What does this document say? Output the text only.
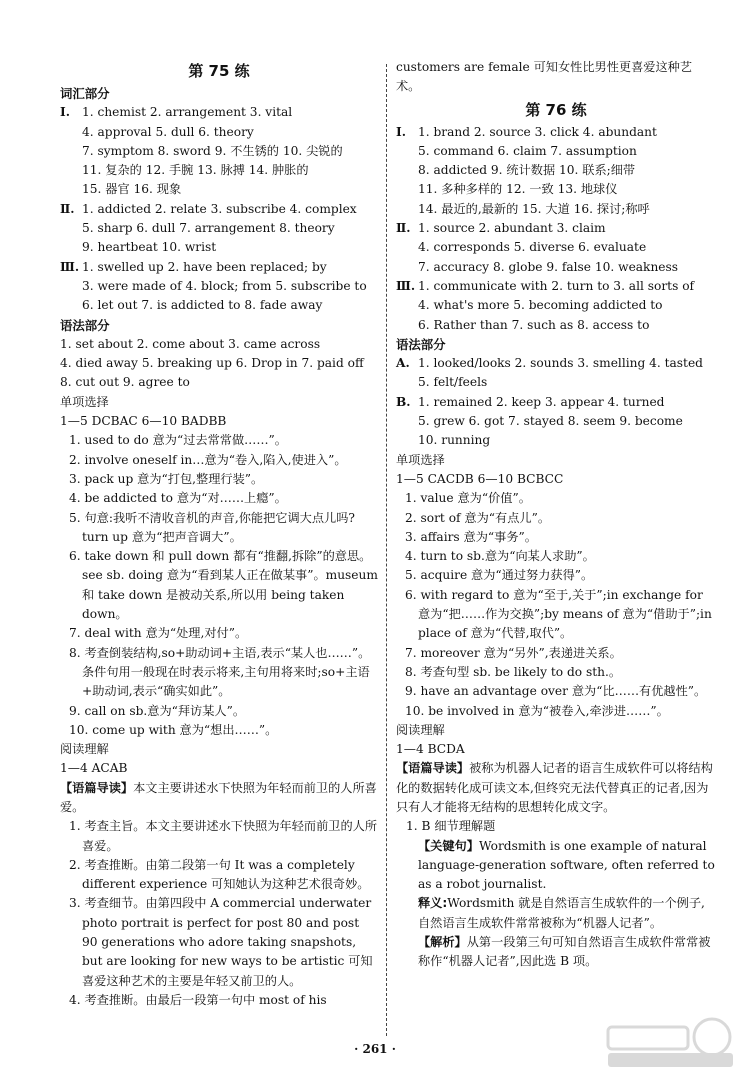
第 75 练
词汇部分
Ⅰ. 1. chemist 2. arrangement 3. vital
4. approval 5. dull 6. theory
7. symptom 8. sword 9. 不生锈的 10. 尖锐的
11. 复杂的 12. 手腕 13. 脉搏 14. 肿胀的
15. 器官 16. 现象
Ⅱ. 1. addicted 2. relate 3. subscribe 4. complex
5. sharp 6. dull 7. arrangement 8. theory
9. heartbeat 10. wrist
Ⅲ. 1. swelled up 2. have been replaced; by
3. were made of 4. block; from 5. subscribe to
6. let out 7. is addicted to 8. fade away
语法部分
1. set about 2. come about 3. came across
4. died away 5. breaking up 6. Drop in 7. paid off
8. cut out 9. agree to
单项选择
1—5 DCBAC 6—10 BADBB
1. used to do 意为“过去常常做……”。
2. involve oneself in…意为“卷入,陷入,使进入”。
3. pack up 意为“打包,整理行装”。
4. be addicted to 意为“对……上瘾”。
5. 句意:我听不清收音机的声音,你能把它调大点儿吗? turn up 意为“把声音调大”。
6. take down 和 pull down 都有“推翻,拆除”的意思。see sb. doing 意为“看到某人正在做某事”。museum 和 take down 是被动关系,所以用 being taken down。
7. deal with 意为“处理,对付”。
8. 考查倒装结构,so+助动词+主语,表示“某人也……”。条件句用一般现在时表示将来,主句用将来时;so+主语+助动词,表示“确实如此”。
9. call on sb.意为“拜访某人”。
10. come up with 意为“想出……”。
阅读理解
1—4 ACAB
【语篇导读】本文主要讲述水下快照为年轻而前卫的人所喜爱。
1. 考查主旨。本文主要讲述水下快照为年轻而前卫的人所喜爱。
2. 考查推断。由第二段第一句 It was a completely different experience 可知她认为这种艺术很奇妙。
3. 考查细节。由第四段中 A commercial underwater photo portrait is perfect for post 80 and post 90 generations who adore taking snapshots, but are looking for new ways to be artistic 可知喜爱这种艺术的主要是年轻又前卫的人。
4. 考查推断。由最后一段第一句中 most of his
customers are female 可知女性比男性更喜爱这种艺术。
第 76 练
Ⅰ. 1. brand 2. source 3. click 4. abundant
5. command 6. claim 7. assumption
8. addicted 9. 统计数据 10. 联系;细带
11. 多种多样的 12. 一致 13. 地球仪
14. 最近的,最新的 15. 大道 16. 探讨;称呼
Ⅱ. 1. source 2. abundant 3. claim
4. corresponds 5. diverse 6. evaluate
7. accuracy 8. globe 9. false 10. weakness
Ⅲ. 1. communicate with 2. turn to 3. all sorts of
4. what's more 5. becoming addicted to
6. Rather than 7. such as 8. access to
语法部分
A. 1. looked/looks 2. sounds 3. smelling 4. tasted
5. felt/feels
B. 1. remained 2. keep 3. appear 4. turned
5. grew 6. got 7. stayed 8. seem 9. become
10. running
单项选择
1—5 CACDB 6—10 BCBCC
1. value 意为“价值”。
2. sort of 意为“有点儿”。
3. affairs 意为“事务”。
4. turn to sb.意为“向某人求助”。
5. acquire 意为“通过努力获得”。
6. with regard to 意为“至于,关于”;in exchange for 意为“把……作为交换”;by means of 意为“借助于”;in place of 意为“代替,取代”。
7. moreover 意为“另外”,表递进关系。
8. 考查句型 sb. be likely to do sth.。
9. have an advantage over 意为“比……有优越性”。
10. be involved in 意为“被卷入,牵涉进……”。
阅读理解
1—4 BCDA
【语篇导读】被称为机器人记者的语言生成软件可以将结构化的数据转化成可读文本,但终究无法代替真正的记者,因为只有人才能将无结构的思想转化成文字。
1. B 细节理解题
【关键句】Wordsmith is one example of natural language-generation software, often referred to as a robot journalist.
释义:Wordsmith 就是自然语言生成软件的一个例子,自然语言生成软件常常被称为“机器人记者”。
【解析】从第一段第三句可知自然语言生成软件常常被称作“机器人记者”,因此选 B 项。
· 261 ·
